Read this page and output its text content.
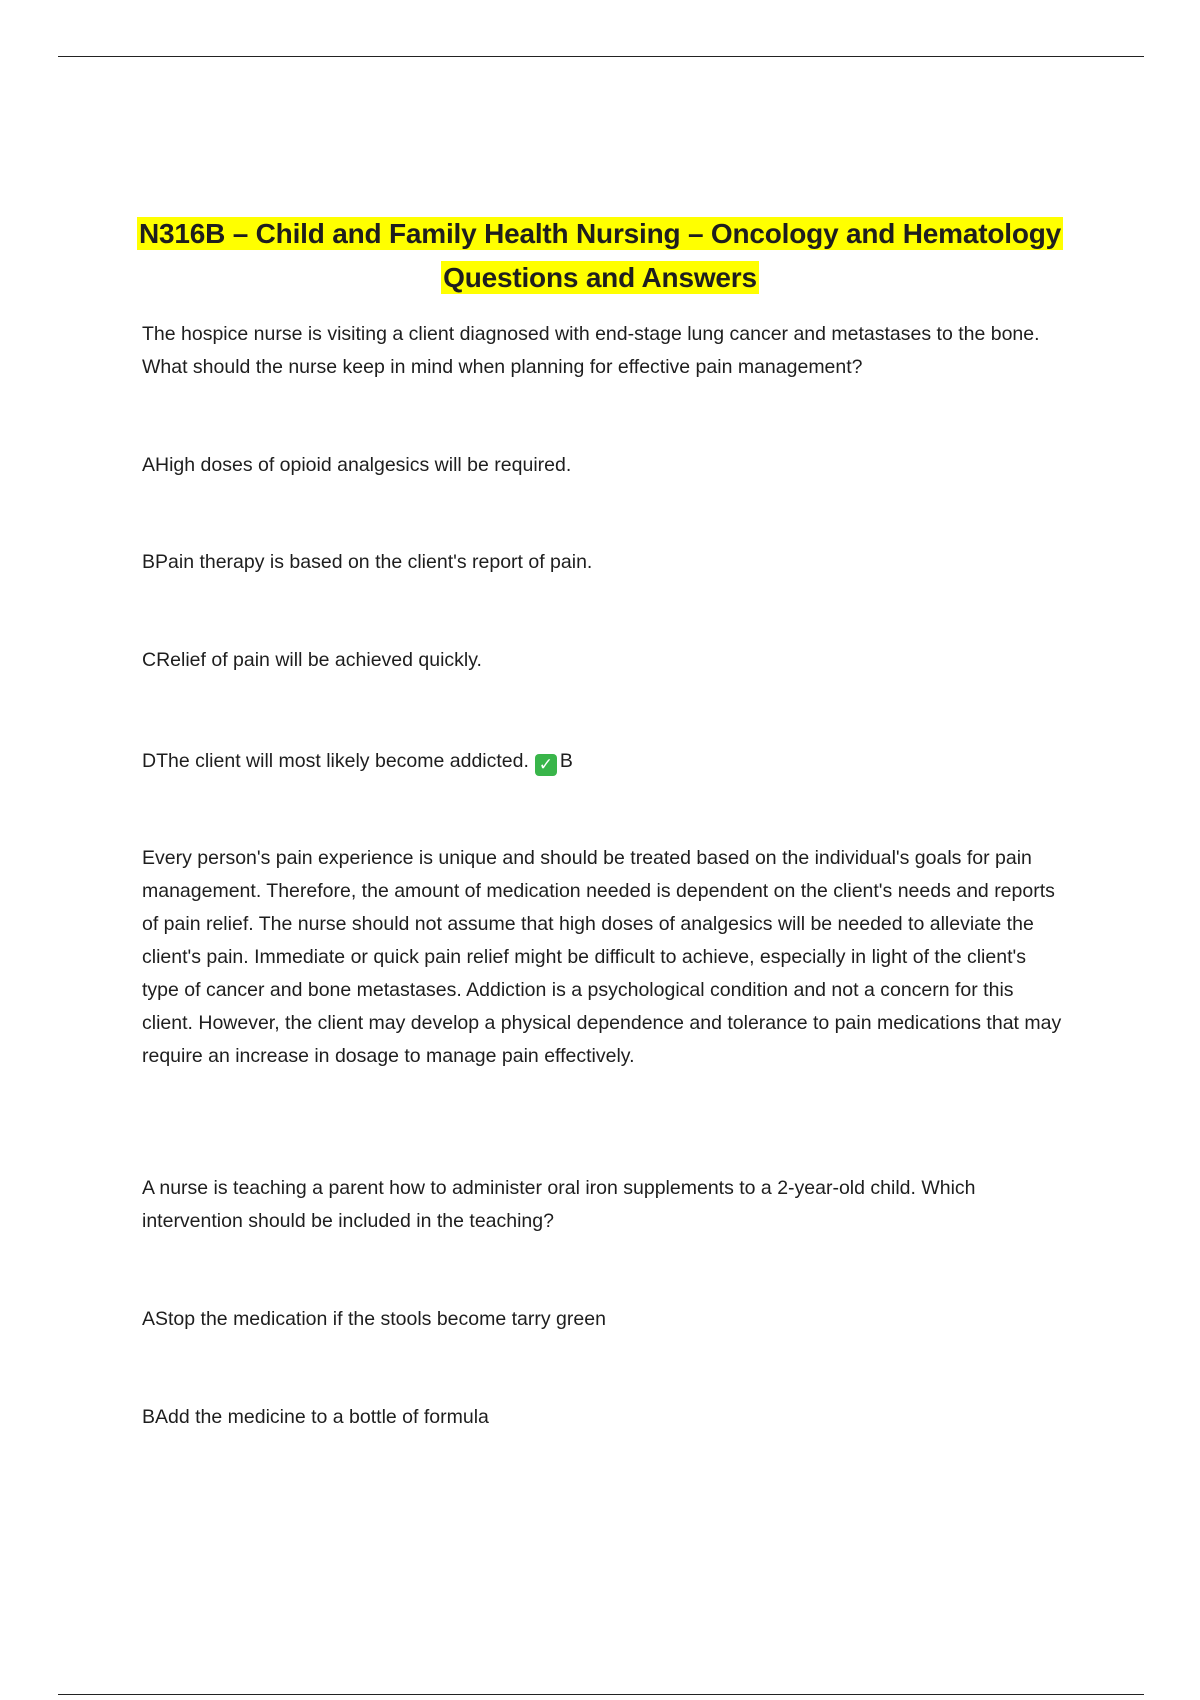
N316B – Child and Family Health Nursing – Oncology and Hematology
Questions and Answers

The hospice nurse is visiting a client diagnosed with end-stage lung cancer and metastases to the bone. What should the nurse keep in mind when planning for effective pain management?

AHigh doses of opioid analgesics will be required.

BPain therapy is based on the client's report of pain.

CRelief of pain will be achieved quickly.

DThe client will most likely become addicted. ✓ B

Every person's pain experience is unique and should be treated based on the individual's goals for pain management. Therefore, the amount of medication needed is dependent on the client's needs and reports of pain relief. The nurse should not assume that high doses of analgesics will be needed to alleviate the client's pain. Immediate or quick pain relief might be difficult to achieve, especially in light of the client's type of cancer and bone metastases. Addiction is a psychological condition and not a concern for this client. However, the client may develop a physical dependence and tolerance to pain medications that may require an increase in dosage to manage pain effectively.

A nurse is teaching a parent how to administer oral iron supplements to a 2-year-old child. Which intervention should be included in the teaching?

AStop the medication if the stools become tarry green

BAdd the medicine to a bottle of formula
